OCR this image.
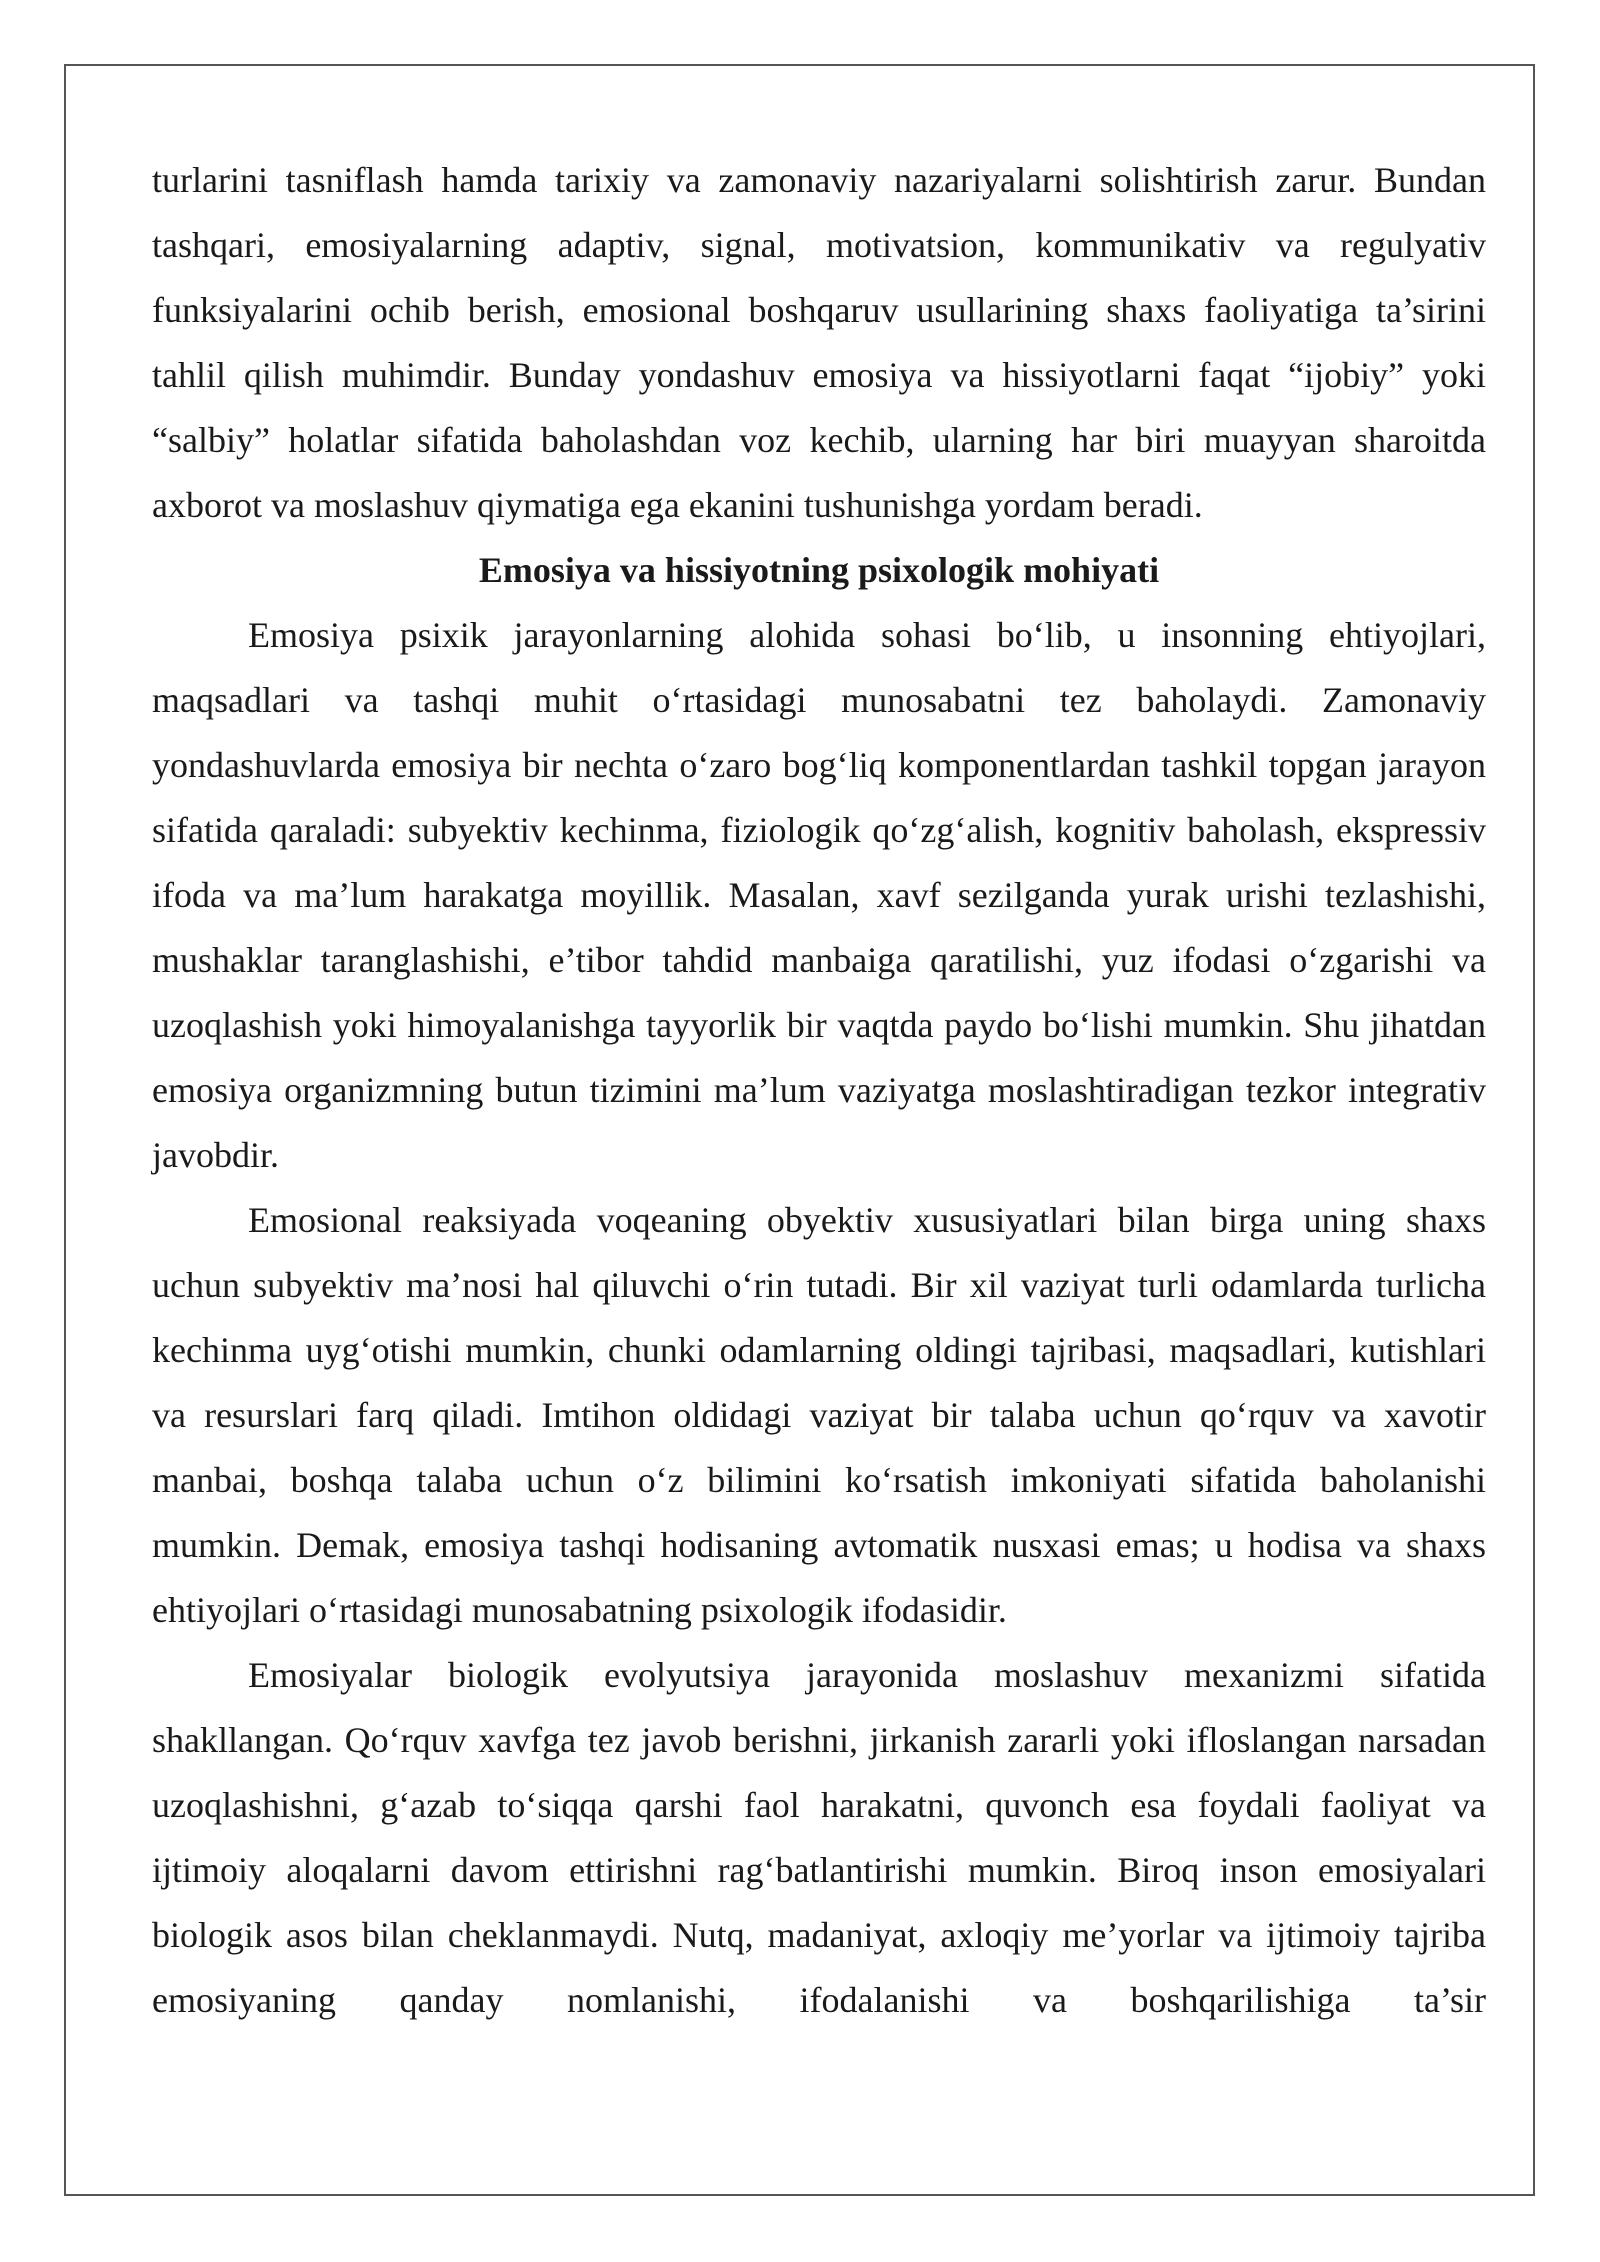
turlarini tasniflash hamda tarixiy va zamonaviy nazariyalarni solishtirish zarur. Bundan tashqari, emosiyalarning adaptiv, signal, motivatsion, kommunikativ va regulyativ funksiyalarini ochib berish, emosional boshqaruv usullarining shaxs faoliyatiga ta’sirini tahlil qilish muhimdir. Bunday yondashuv emosiya va hissiyotlarni faqat “ijobiy” yoki “salbiy” holatlar sifatida baholashdan voz kechib, ularning har biri muayyan sharoitda axborot va moslashuv qiymatiga ega ekanini tushunishga yordam beradi.

Emosiya va hissiyotning psixologik mohiyati

Emosiya psixik jarayonlarning alohida sohasi boʻlib, u insonning ehtiyojlari, maqsadlari va tashqi muhit oʻrtasidagi munosabatni tez baholaydi. Zamonaviy yondashuvlarda emosiya bir nechta oʻzaro bogʻliq komponentlardan tashkil topgan jarayon sifatida qaraladi: subyektiv kechinma, fiziologik qoʻzgʻalish, kognitiv baholash, ekspressiv ifoda va ma’lum harakatga moyillik. Masalan, xavf sezilganda yurak urishi tezlashishi, mushaklar taranglashishi, e’tibor tahdid manbaiga qaratilishi, yuz ifodasi oʻzgarishi va uzoqlashish yoki himoyalanishga tayyorlik bir vaqtda paydo boʻlishi mumkin. Shu jihatdan emosiya organizmning butun tizimini ma’lum vaziyatga moslashtiradigan tezkor integrativ javobdir.

Emosional reaksiyada voqeaning obyektiv xususiyatlari bilan birga uning shaxs uchun subyektiv ma’nosi hal qiluvchi oʻrin tutadi. Bir xil vaziyat turli odamlarda turlicha kechinma uygʻotishi mumkin, chunki odamlarning oldingi tajribasi, maqsadlari, kutishlari va resurslari farq qiladi. Imtihon oldidagi vaziyat bir talaba uchun qoʻrquv va xavotir manbai, boshqa talaba uchun oʻz bilimini koʻrsatish imkoniyati sifatida baholanishi mumkin. Demak, emosiya tashqi hodisaning avtomatik nusxasi emas; u hodisa va shaxs ehtiyojlari oʻrtasidagi munosabatning psixologik ifodasidir.

Emosiyalar biologik evolyutsiya jarayonida moslashuv mexanizmi sifatida shakllangan. Qoʻrquv xavfga tez javob berishni, jirkanish zararli yoki ifloslangan narsadan uzoqlashishni, gʻazab toʻsiqqa qarshi faol harakatni, quvonch esa foydali faoliyat va ijtimoiy aloqalarni davom ettirishni ragʻbatlantirishi mumkin. Biroq inson emosiyalari biologik asos bilan cheklanmaydi. Nutq, madaniyat, axloqiy me’yorlar va ijtimoiy tajriba emosiyaning qanday nomlanishi, ifodalanishi va boshqarilishiga ta’sir
